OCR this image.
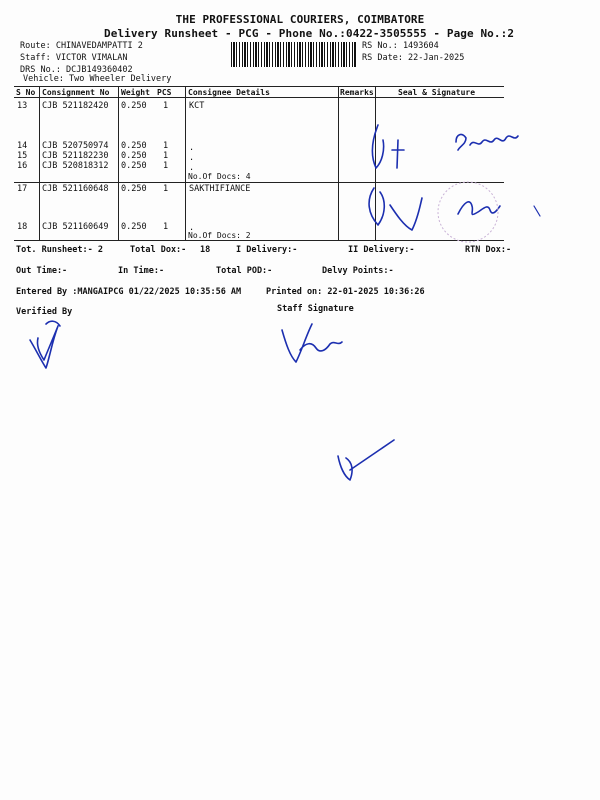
THE PROFESSIONAL COURIERS, COIMBATORE
Delivery Runsheet - PCG - Phone No.:0422-3505555 - Page No.:2
Route: CHINAVEDAMPATTI 2
Staff: VICTOR VIMALAN
DRS No.: DCJB149360402
Vehicle: Two Wheeler Delivery
RS No.: 1493604
RS Date: 22-Jan-2025
S No Consignment No Weight PCS Consignee Details	Remarks	Seal & Signature
13 CJB 521182420 0.250 1 KCT
14 CJB 520750974 0.250 1 .
15 CJB 521182230 0.250 1 .
16 CJB 520818312 0.250 1 .
No.Of Docs: 4
17 CJB 521160648 0.250 1 SAKTHIFIANCE
18 CJB 521160649 0.250 1 .
No.Of Docs: 2
Tot. Runsheet:- 2	Total Dox:- 18	I Delivery:-	II Delivery:-	RTN Dox:-
Out Time:-	In Time:-	Total POD:-	Delvy Points:-
Entered By :MANGAIPCG 01/22/2025 10:35:56 AM	Printed on: 22-01-2025 10:36:26
Verified By	Staff Signature
